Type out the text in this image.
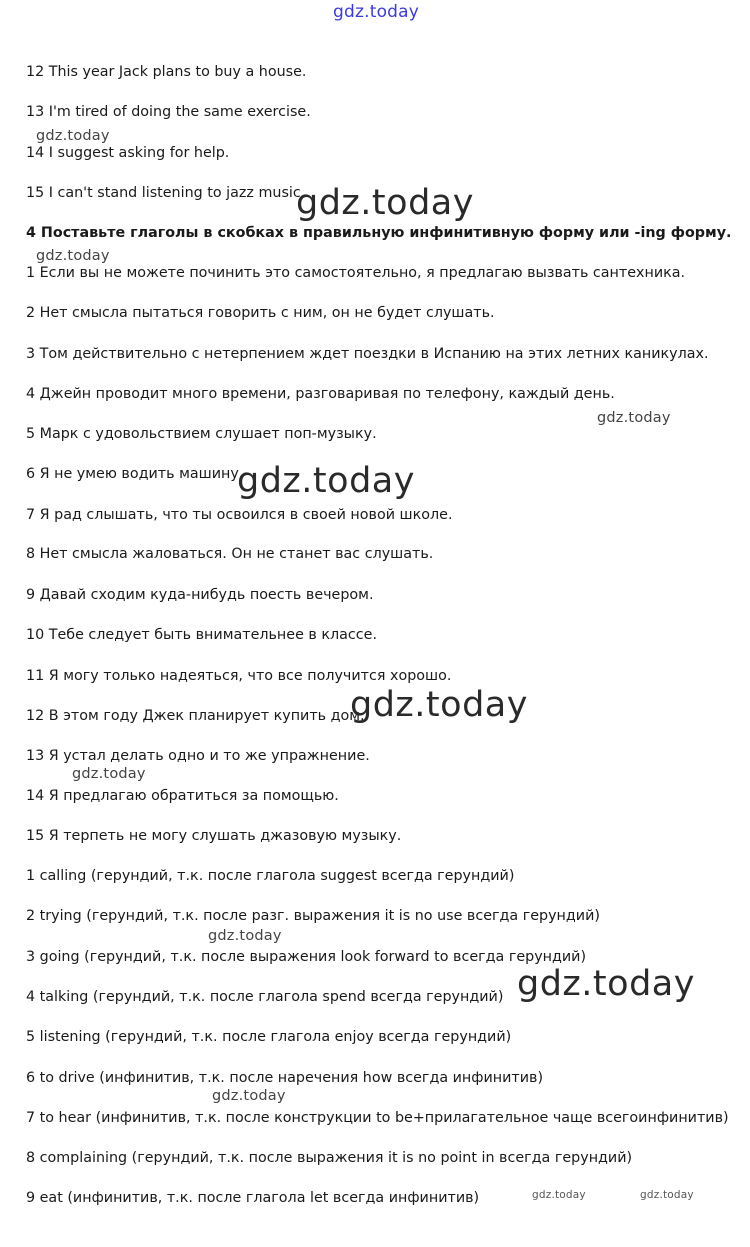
gdz.today
12 This year Jack plans to buy a house.
13 I'm tired of doing the same exercise.
14 I suggest asking for help.
15 I can't stand listening to jazz music.
4 Поставьте глаголы в скобках в правильную инфинитивную форму или -ing форму.
1 Если вы не можете починить это самостоятельно, я предлагаю вызвать сантехника.
2 Нет смысла пытаться говорить с ним, он не будет слушать.
3 Том действительно с нетерпением ждет поездки в Испанию на этих летних каникулах.
4 Джейн проводит много времени, разговаривая по телефону, каждый день.
5 Марк с удовольствием слушает поп-музыку.
6 Я не умею водить машину.
7 Я рад слышать, что ты освоился в своей новой школе.
8 Нет смысла жаловаться. Он не станет вас слушать.
9 Давай сходим куда-нибудь поесть вечером.
10 Тебе следует быть внимательнее в классе.
11 Я могу только надеяться, что все получится хорошо.
12 В этом году Джек планирует купить дом.
13 Я устал делать одно и то же упражнение.
14 Я предлагаю обратиться за помощью.
15 Я терпеть не могу слушать джазовую музыку.
1 calling (герундий, т.к. после глагола suggest всегда герундий)
2 trying (герундий, т.к. после разг. выражения it is no use всегда герундий)
3 going (герундий, т.к. после выражения look forward to всегда герундий)
4 talking (герундий, т.к. после глагола spend всегда герундий)
5 listening (герундий, т.к. после глагола enjoy всегда герундий)
6 to drive (инфинитив, т.к. после наречения how всегда инфинитив)
7 to hear (инфинитив, т.к. после конструкции to be+прилагательное чаще всегоинфинитив)
8 complaining (герундий, т.к. после выражения it is no point in всегда герундий)
9 eat (инфинитив, т.к. после глагола let всегда инфинитив)
gdz.today
gdz.today
gdz.today
gdz.today
gdz.today
gdz.today
gdz.today
gdz.today
gdz.today
gdz.today
gdz.today	gdz.today
